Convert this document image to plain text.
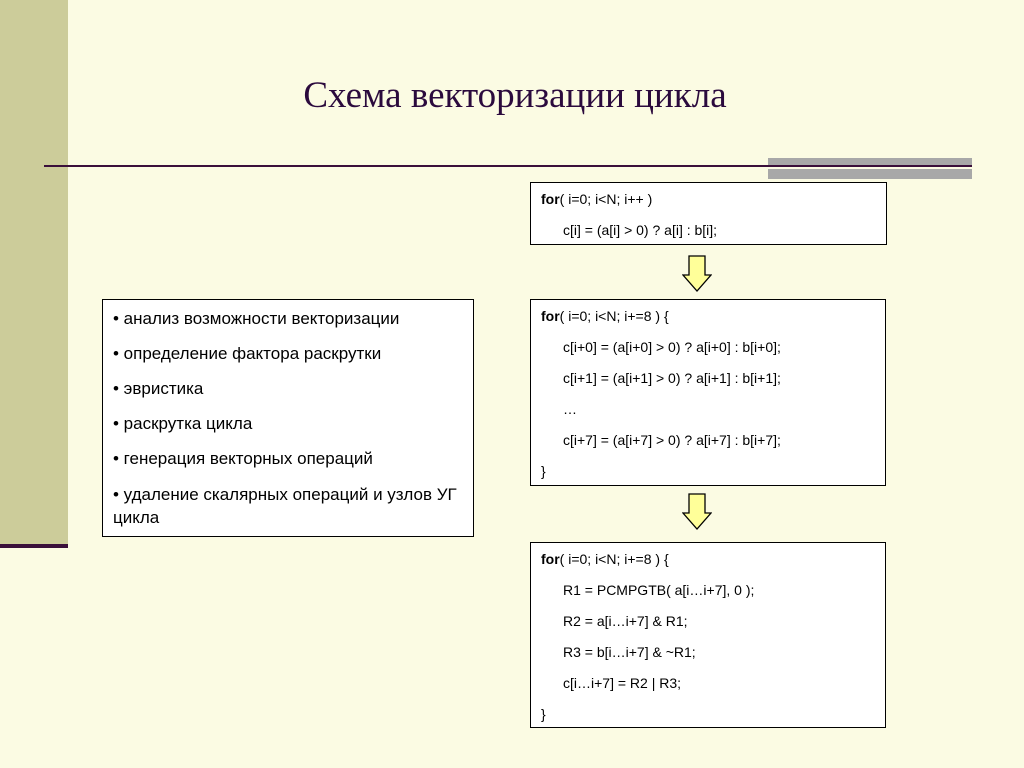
Схема векторизации цикла
• анализ возможности векторизации
• определение фактора раскрутки
• эвристика
• раскрутка цикла
• генерация векторных операций
• удаление скалярных операций и узлов УГ цикла
for( i=0; i<N; i++ )
c[i] = (a[i] > 0) ? a[i] : b[i];
for( i=0; i<N; i+=8 ) {
c[i+0] = (a[i+0] > 0) ? a[i+0] : b[i+0];
c[i+1] = (a[i+1] > 0) ? a[i+1] : b[i+1];
…
c[i+7] = (a[i+7] > 0) ? a[i+7] : b[i+7];
}
for( i=0; i<N; i+=8 ) {
R1 = PCMPGTB( a[i…i+7], 0 );
R2 = a[i…i+7] & R1;
R3 = b[i…i+7] & ~R1;
c[i…i+7] = R2 | R3;
}
